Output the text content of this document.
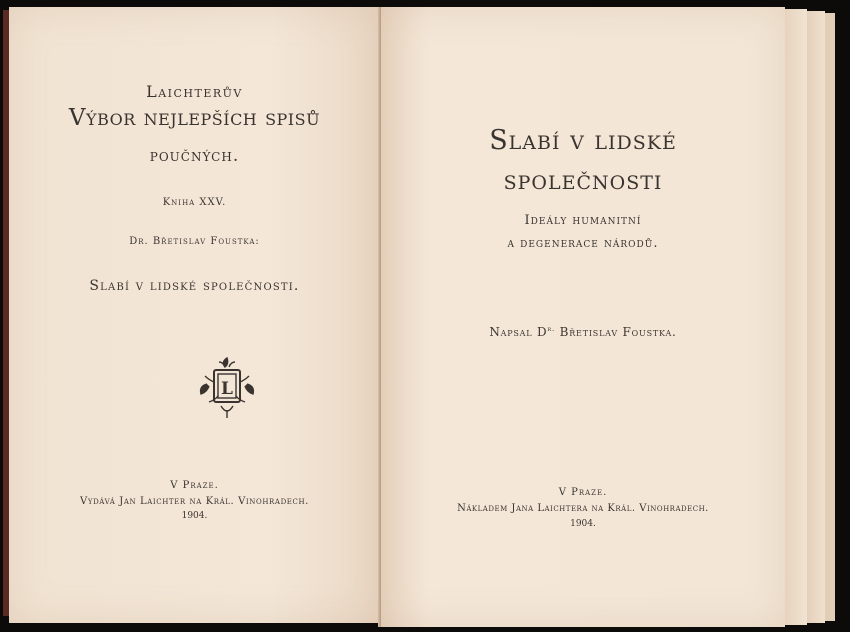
Laichterův
Výbor nejlepších spisů
poučných.
Kniha XXV.
Dr. Břetislav Foustka:
Slabí v lidské společnosti.
L
V Praze.
Vydává Jan Laichter na Král. Vinohradech.
1904.
Slabí v lidské
společnosti
Ideály humanitní
a degenerace národů.
Napsal $D^{r.}$ Břetislav Foustka.
V Praze.
Nákladem Jana Laichtera na Král. Vinohradech.
1904.
